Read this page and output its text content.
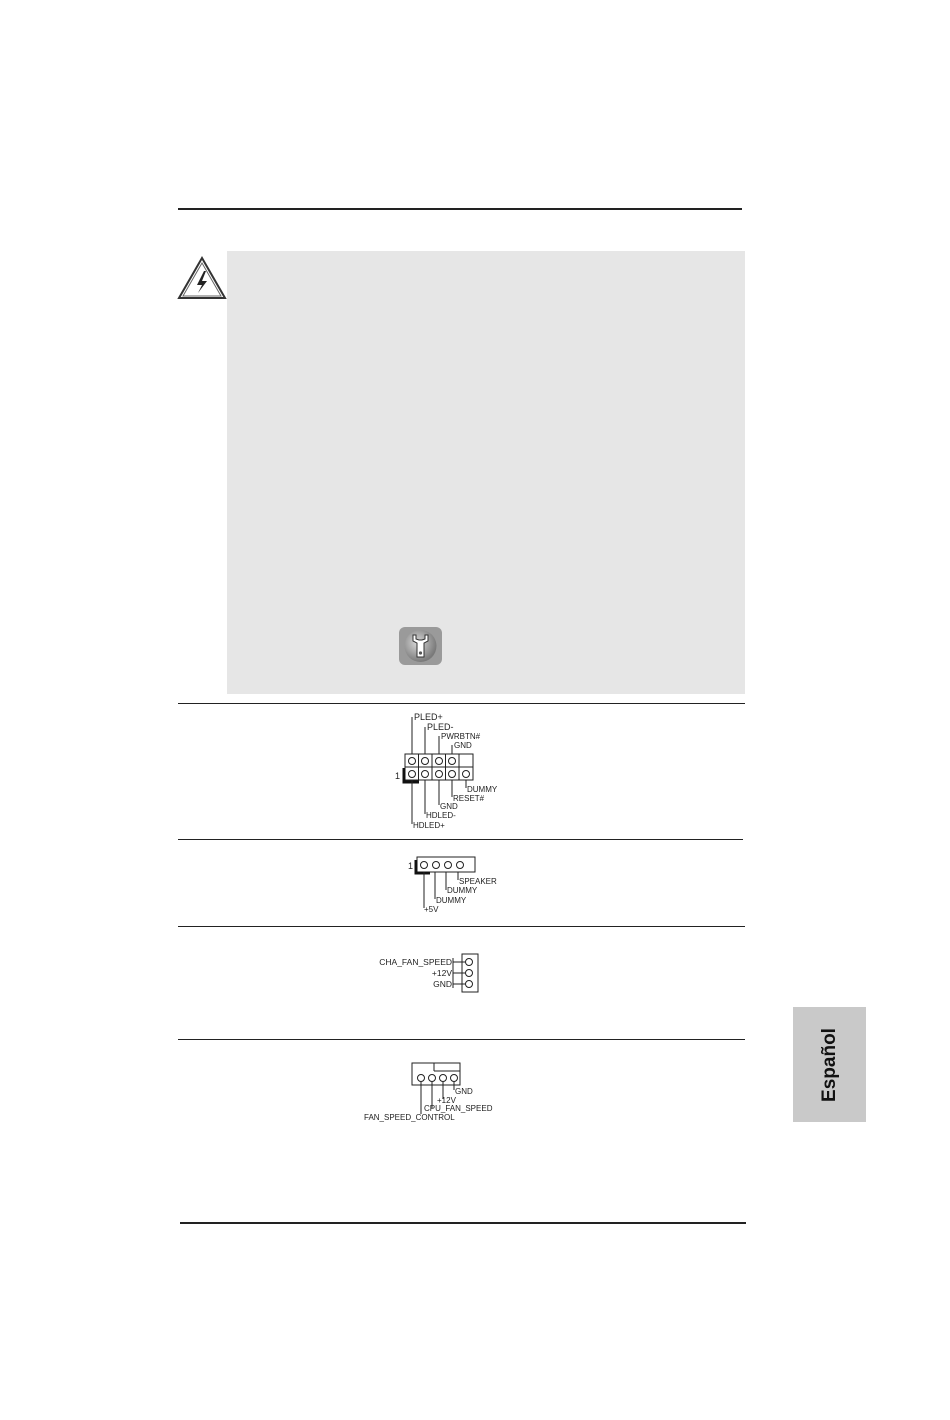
1
PLED+
PLED-
PWRBTN#
GND
DUMMY
RESET#
GND
HDLED-
HDLED+
1
SPEAKER
DUMMY
DUMMY
+5V
CHA_FAN_SPEED
+12V
GND
GND
+12V
CPU_FAN_SPEED
FAN_SPEED_CONTROL
Español
